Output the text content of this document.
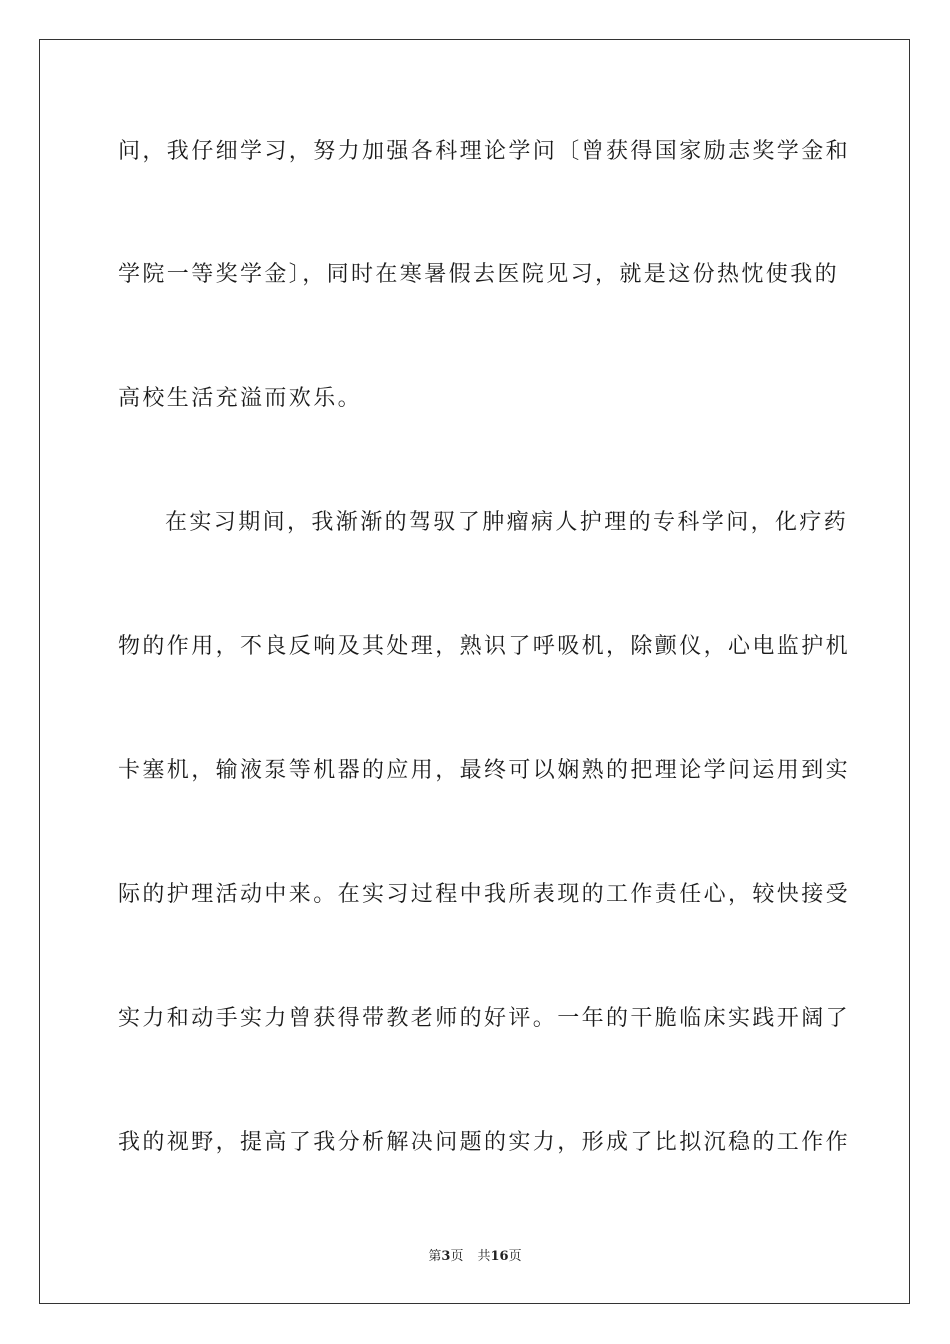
问，我仔细学习，努力加强各科理论学问〔曾获得国家励志奖学金和
学院一等奖学金〕，同时在寒暑假去医院见习，就是这份热忱使我的
高校生活充溢而欢乐。
在实习期间，我渐渐的驾驭了肿瘤病人护理的专科学问，化疗药
物的作用，不良反响及其处理，熟识了呼吸机，除颤仪，心电监护机
卡塞机，输液泵等机器的应用，最终可以娴熟的把理论学问运用到实
际的护理活动中来。在实习过程中我所表现的工作责任心，较快接受
实力和动手实力曾获得带教老师的好评。一年的干脆临床实践开阔了
我的视野，提高了我分析解决问题的实力，形成了比拟沉稳的工作作
第3页 共16页
